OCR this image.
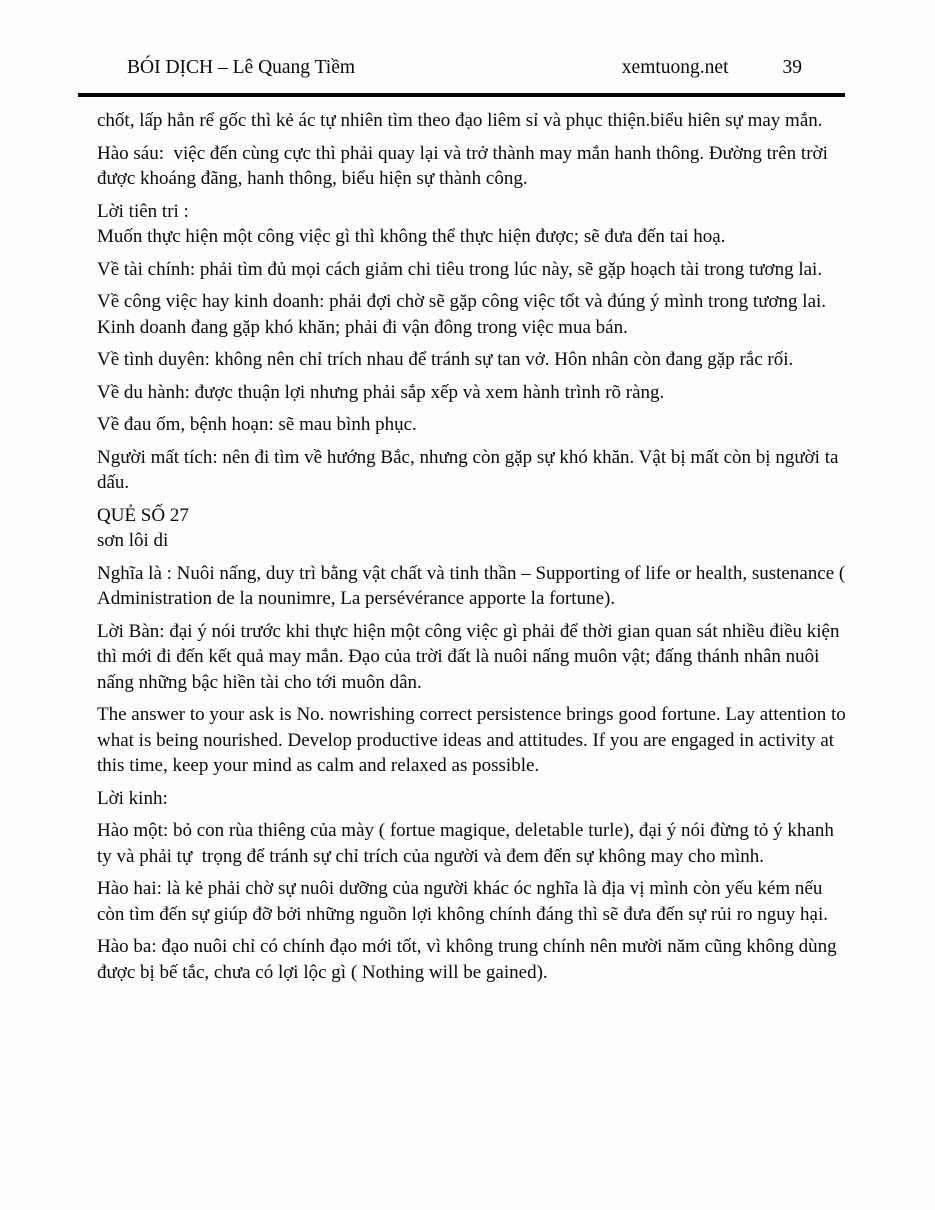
BÓI DỊCH – Lê Quang Tiềm	xemtuong.net	39

chốt, lấp hẳn rể gốc thì kẻ ác tự nhiên tìm theo đạo liêm sỉ và phục thiện.biểu hiên sự may mắn.

Hào sáu:  việc đến cùng cực thì phải quay lại và trở thành may mắn hanh thông. Đường trên trời được khoáng đãng, hanh thông, biểu hiện sự thành công.

Lời tiên tri :

Muốn thực hiện một công việc gì thì không thể thực hiện được; sẽ đưa đến tai hoạ.

Về tài chính: phải tìm đủ mọi cách giảm chi tiêu trong lúc này, sẽ gặp hoạch tài trong tương lai.

Về công việc hay kinh doanh: phải đợi chờ sẽ gặp công việc tốt và đúng ý mình trong tương lai. Kinh doanh đang gặp khó khăn; phải đi vận đông trong việc mua bán.

Về tình duyên: không nên chỉ trích nhau để tránh sự tan vở. Hôn nhân còn đang gặp rắc rối.

Về du hành: được thuận lợi nhưng phải sắp xếp và xem hành trình rõ ràng.

Về đau ốm, bệnh hoạn: sẽ mau bình phục.

Người mất tích: nên đi tìm về hướng Bắc, nhưng còn gặp sự khó khăn. Vật bị mất còn bị người ta dấu.

QUẺ SỐ 27

sơn lôi di

Nghĩa là : Nuôi nấng, duy trì bằng vật chất và tinh thần – Supporting of life or health, sustenance ( Administration de la nounimre, La persévérance apporte la fortune).

Lời Bàn: đại ý nói trước khi thực hiện một công việc gì phải để thời gian quan sát nhiều điều kiện thì mới đi đến kết quả may mắn. Đạo của trời đất là nuôi nấng muôn vật; đấng thánh nhân nuôi nấng những bậc hiền tài cho tới muôn dân.

The answer to your ask is No. nowrishing correct persistence brings good fortune. Lay attention to what is being nourished. Develop productive ideas and attitudes. If you are engaged in activity at this time, keep your mind as calm and relaxed as possible.

Lời kinh:

Hào một: bỏ con rùa thiêng của mày ( fortue magique, deletable turle), đại ý nói đừng tỏ ý khanh ty và phải tự  trọng để tránh sự chỉ trích của người và đem đến sự không may cho mình.

Hào hai: là kẻ phải chờ sự nuôi dưỡng của người khác óc nghĩa là địa vị mình còn yếu kém nếu còn tìm đến sự giúp đỡ bởi những nguồn lợi không chính đáng thì sẽ đưa đến sự rủi ro nguy hại.

Hào ba: đạo nuôi chỉ có chính đạo mới tốt, vì không trung chính nên mười năm cũng không dùng được bị bế tắc, chưa có lợi lộc gì ( Nothing will be gained).
